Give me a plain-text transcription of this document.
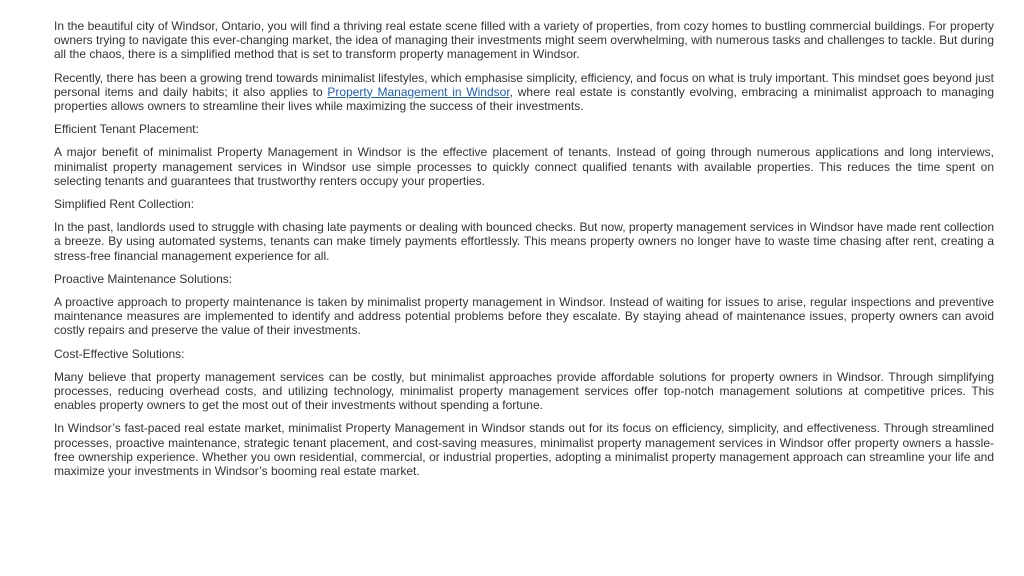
In the beautiful city of Windsor, Ontario, you will find a thriving real estate scene filled with a variety of properties, from cozy homes to bustling commercial buildings. For property owners trying to navigate this ever-changing market, the idea of managing their investments might seem overwhelming, with numerous tasks and challenges to tackle. But during all the chaos, there is a simplified method that is set to transform property management in Windsor.

Recently, there has been a growing trend towards minimalist lifestyles, which emphasise simplicity, efficiency, and focus on what is truly important. This mindset goes beyond just personal items and daily habits; it also applies to Property Management in Windsor, where real estate is constantly evolving, embracing a minimalist approach to managing properties allows owners to streamline their lives while maximizing the success of their investments.

Efficient Tenant Placement:

A major benefit of minimalist Property Management in Windsor is the effective placement of tenants. Instead of going through numerous applications and long interviews, minimalist property management services in Windsor use simple processes to quickly connect qualified tenants with available properties. This reduces the time spent on selecting tenants and guarantees that trustworthy renters occupy your properties.

Simplified Rent Collection:

In the past, landlords used to struggle with chasing late payments or dealing with bounced checks. But now, property management services in Windsor have made rent collection a breeze. By using automated systems, tenants can make timely payments effortlessly. This means property owners no longer have to waste time chasing after rent, creating a stress-free financial management experience for all.

Proactive Maintenance Solutions:

A proactive approach to property maintenance is taken by minimalist property management in Windsor. Instead of waiting for issues to arise, regular inspections and preventive maintenance measures are implemented to identify and address potential problems before they escalate. By staying ahead of maintenance issues, property owners can avoid costly repairs and preserve the value of their investments.

Cost-Effective Solutions:

Many believe that property management services can be costly, but minimalist approaches provide affordable solutions for property owners in Windsor. Through simplifying processes, reducing overhead costs, and utilizing technology, minimalist property management services offer top-notch management solutions at competitive prices. This enables property owners to get the most out of their investments without spending a fortune.

In Windsor’s fast-paced real estate market, minimalist Property Management in Windsor stands out for its focus on efficiency, simplicity, and effectiveness. Through streamlined processes, proactive maintenance, strategic tenant placement, and cost-saving measures, minimalist property management services in Windsor offer property owners a hassle-free ownership experience. Whether you own residential, commercial, or industrial properties, adopting a minimalist property management approach can streamline your life and maximize your investments in Windsor’s booming real estate market.
